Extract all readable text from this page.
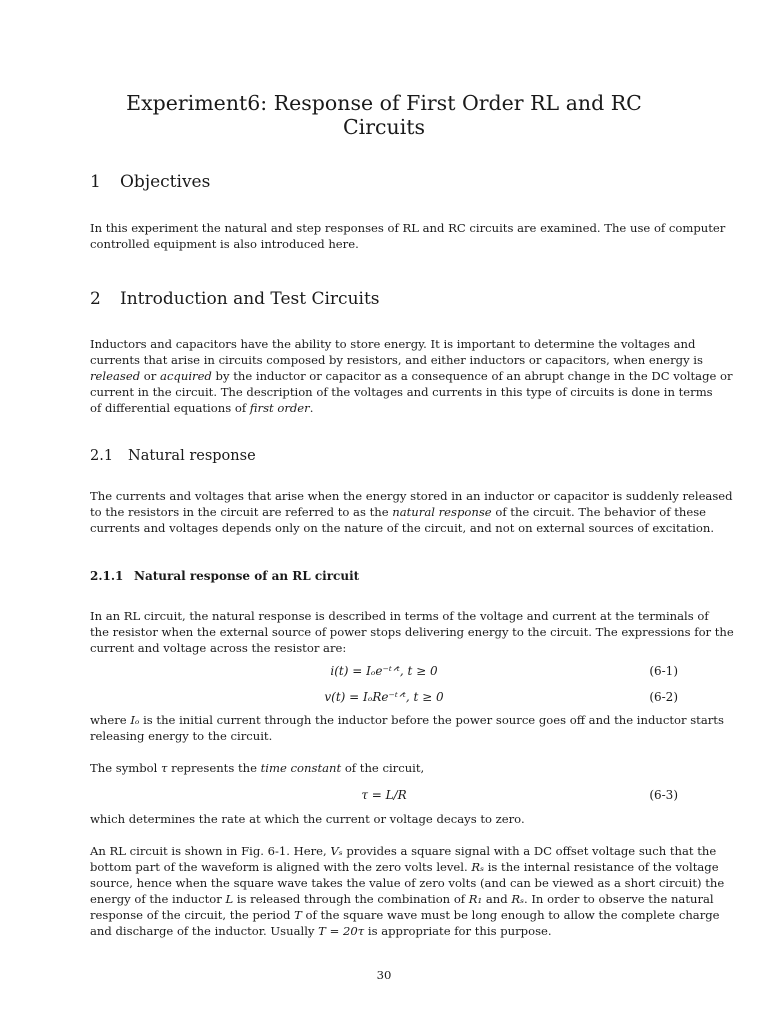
Experiment6: Response of First Order RL and RC Circuits
1 Objectives
In this experiment the natural and step responses of RL and RC circuits are examined. The use of computer
controlled equipment is also introduced here.
2 Introduction and Test Circuits
Inductors and capacitors have the ability to store energy. It is important to determine the voltages and
currents that arise in circuits composed by resistors, and either inductors or capacitors, when energy is
released or acquired by the inductor or capacitor as a consequence of an abrupt change in the DC voltage or
current in the circuit. The description of the voltages and currents in this type of circuits is done in terms
of differential equations of first order.
2.1 Natural response
The currents and voltages that arise when the energy stored in an inductor or capacitor is suddenly released
to the resistors in the circuit are referred to as the natural response of the circuit. The behavior of these
currents and voltages depends only on the nature of the circuit, and not on external sources of excitation.
2.1.1 Natural response of an RL circuit
In an RL circuit, the natural response is described in terms of the voltage and current at the terminals of
the resistor when the external source of power stops delivering energy to the circuit. The expressions for the
current and voltage across the resistor are:
i(t) = Iₒe⁻ᵗᐟᵗ, t ≥ 0	(6-1)
v(t) = IₒRe⁻ᵗᐟᵗ, t ≥ 0	(6-2)
where Iₒ is the initial current through the inductor before the power source goes off and the inductor starts
releasing energy to the circuit.
The symbol τ represents the time constant of the circuit,
τ = L/R	(6-3)
which determines the rate at which the current or voltage decays to zero.
An RL circuit is shown in Fig. 6-1. Here, Vₛ provides a square signal with a DC offset voltage such that the
bottom part of the waveform is aligned with the zero volts level. Rₛ is the internal resistance of the voltage
source, hence when the square wave takes the value of zero volts (and can be viewed as a short circuit) the
energy of the inductor L is released through the combination of R₁ and Rₛ. In order to observe the natural
response of the circuit, the period T of the square wave must be long enough to allow the complete charge
and discharge of the inductor. Usually T = 20τ is appropriate for this purpose.
30
